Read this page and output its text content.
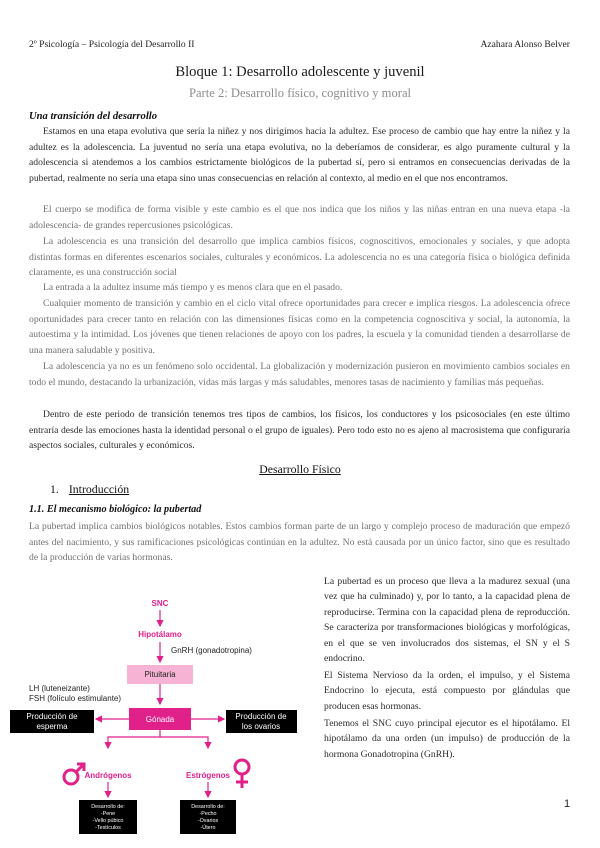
2º Psicología – Psicología del Desarrollo II	Azahara Alonso Belver
Bloque 1: Desarrollo adolescente y juvenil
Parte 2: Desarrollo físico, cognitivo y moral
Una transición del desarrollo

Estamos en una etapa evolutiva que sería la niñez y nos dirigimos hacia la adultez. Ese proceso de cambio que hay entre la niñez y la adultez es la adolescencia. La juventud no sería una etapa evolutiva, no la deberíamos de considerar, es algo puramente cultural y la adolescencia si atendemos a los cambios estrictamente biológicos de la pubertad sí, pero si entramos en consecuencias derivadas de la pubertad, realmente no sería una etapa sino unas consecuencias en relación al contexto, al medio en el que nos encontramos.

El cuerpo se modifica de forma visible y este cambio es el que nos indica que los niños y las niñas entran en una nueva etapa -la adolescencia- de grandes repercusiones psicológicas.

La adolescencia es una transición del desarrollo que implica cambios físicos, cognoscitivos, emocionales y sociales, y que adopta distintas formas en diferentes escenarios sociales, culturales y económicos. La adolescencia no es una categoría física o biológica definida claramente, es una construcción social

La entrada a la adultez insume más tiempo y es menos clara que en el pasado.

Cualquier momento de transición y cambio en el ciclo vital ofrece oportunidades para crecer e implica riesgos. La adolescencia ofrece oportunidades para crecer tanto en relación con las dimensiones físicas como en la competencia cognoscitiva y social, la autonomía, la autoestima y la intimidad. Los jóvenes que tienen relaciones de apoyo con los padres, la escuela y la comunidad tienden a desarrollarse de una manera saludable y positiva.

La adolescencia ya no es un fenómeno solo occidental. La globalización y modernización pusieron en movimiento cambios sociales en todo el mundo, destacando la urbanización, vidas más largas y más saludables, menores tasas de nacimiento y familias más pequeñas.

Dentro de este periodo de transición tenemos tres tipos de cambios, los físicos, los conductores y los psicosociales (en este último entraría desde las emociones hasta la identidad personal o el grupo de iguales). Pero todo esto no es ajeno al macrosistema que configuraría aspectos sociales, culturales y económicos.

Desarrollo Físico
1. Introducción
1.1. El mecanismo biológico: la pubertad

La pubertad implica cambios biológicos notables. Estos cambios forman parte de un largo y complejo proceso de maduración que empezó antes del nacimiento, y sus ramificaciones psicológicas continúan en la adultez. No está causada por un único factor, sino que es resultado de la producción de varias hormonas.

La pubertad es un proceso que lleva a la madurez sexual (una vez que ha culminado) y, por lo tanto, a la capacidad plena de reproducirse. Termina con la capacidad plena de reproducción. Se caracteriza por transformaciones biológicas y morfológicas, en el que se ven involucrados dos sistemas, el SN y el S endocrino.

El Sistema Nervioso da la orden, el impulso, y el Sistema Endocrino lo ejecuta, está compuesto por glándulas que producen esas hormonas.

Tenemos el SNC cuyo principal ejecutor es el hipotálamo. El hipotálamo da una orden (un impulso) de producción de la hormona Gonadotropina (GnRH).

SNC
Hipotálamo
GnRH (gonadotropina)
Pituitaria
LH (luteneizante)
FSH (folículo estimulante)
Gónada
Producción de
esperma
Producción de
los ovarios
Andrógenos	Estrógenos
Desarrollo de:
-Pene
-Vello púbico
-Testículos
Desarrollo de:
-Pecho
-Ovarios
-Útero
1
